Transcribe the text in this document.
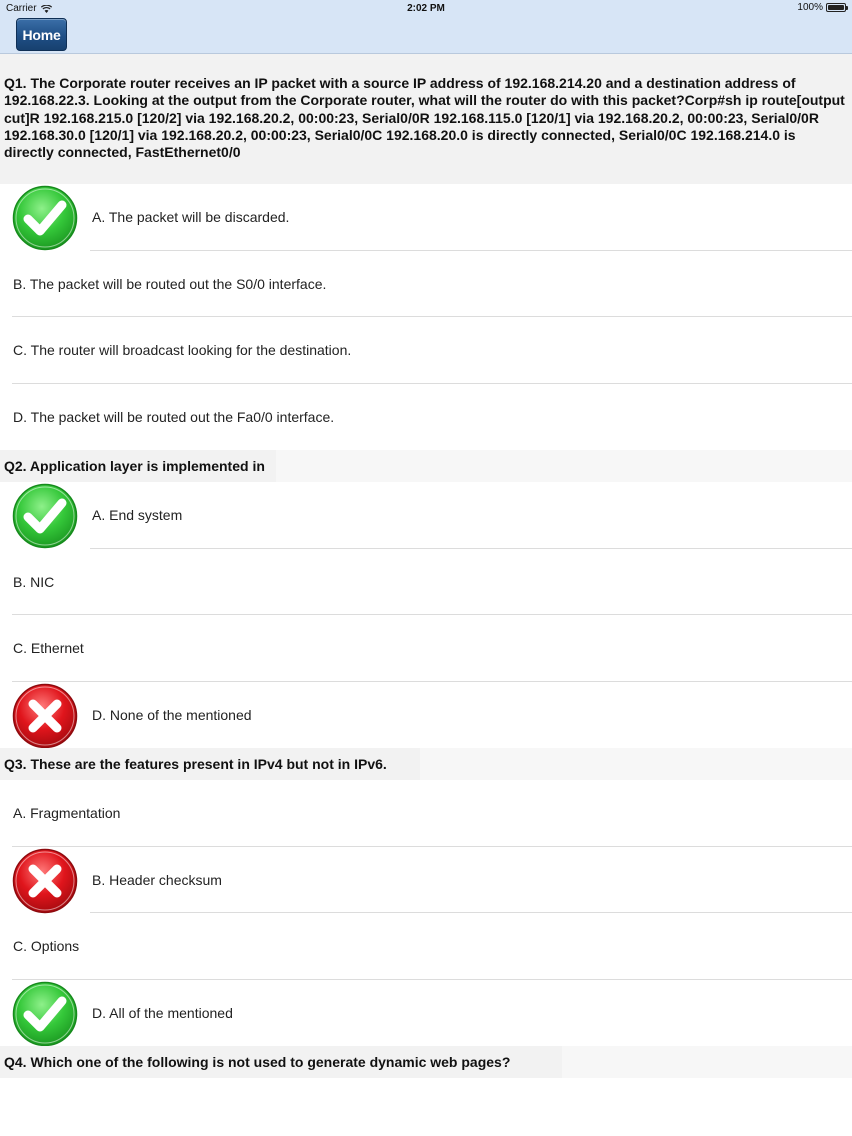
Carrier	2:02 PM	100%
Home
Q1. The Corporate router receives an IP packet with a source IP address of 192.168.214.20 and a destination address of 192.168.22.3. Looking at the output from the Corporate router, what will the router do with this packet?Corp#sh ip route[output cut]R 192.168.215.0 [120/2] via 192.168.20.2, 00:00:23, Serial0/0R 192.168.115.0 [120/1] via 192.168.20.2, 00:00:23, Serial0/0R 192.168.30.0 [120/1] via 192.168.20.2, 00:00:23, Serial0/0C 192.168.20.0 is directly connected, Serial0/0C 192.168.214.0 is directly connected, FastEthernet0/0
A. The packet will be discarded.
B. The packet will be routed out the S0/0 interface.
C. The router will broadcast looking for the destination.
D. The packet will be routed out the Fa0/0 interface.
Q2. Application layer is implemented in
A. End system
B. NIC
C. Ethernet
D. None of the mentioned
Q3. These are the features present in IPv4 but not in IPv6.
A. Fragmentation
B. Header checksum
C. Options
D. All of the mentioned
Q4. Which one of the following is not used to generate dynamic web pages?
